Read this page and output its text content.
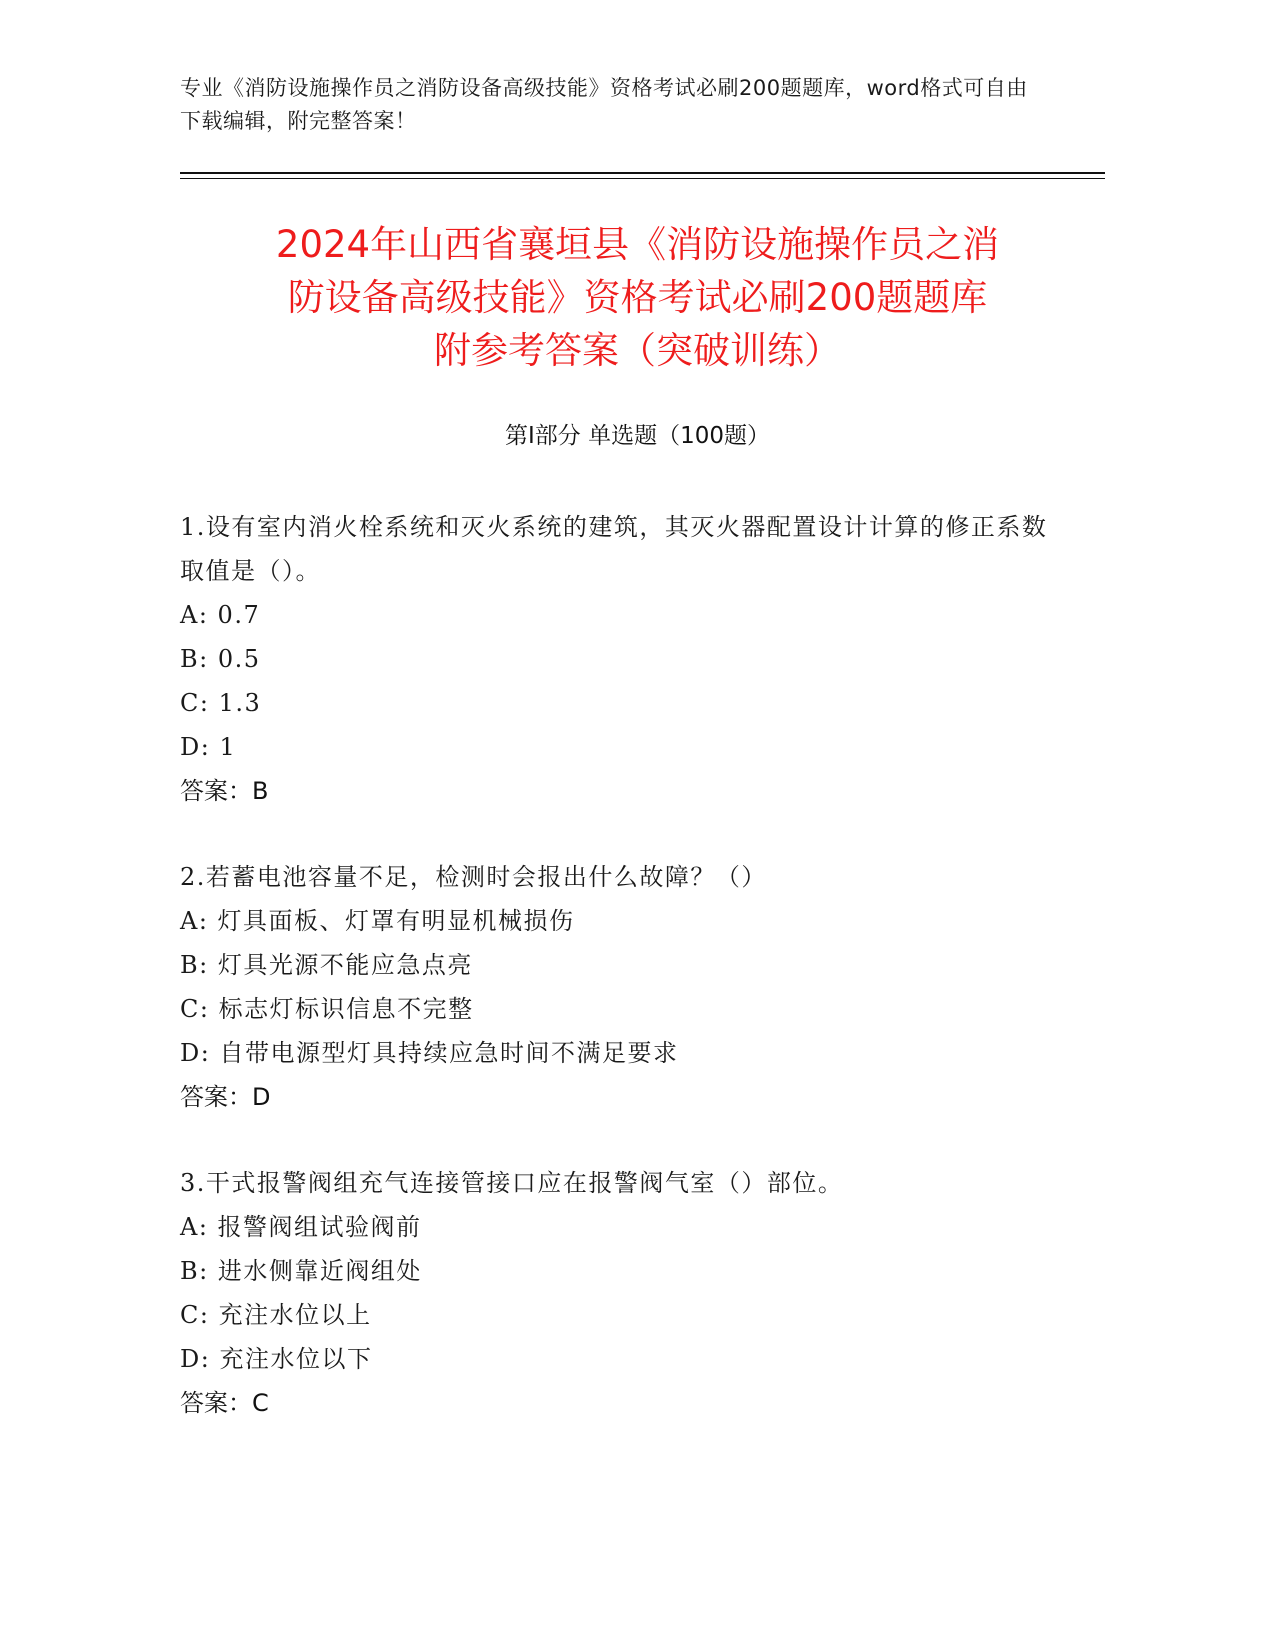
专业《消防设施操作员之消防设备高级技能》资格考试必刷200题题库，word格式可自由下载编辑，附完整答案！
2024年山西省襄垣县《消防设施操作员之消
防设备高级技能》资格考试必刷200题题库
附参考答案（突破训练）
第I部分 单选题（100题）

1.设有室内消火栓系统和灭火系统的建筑，其灭火器配置设计计算的修正系数取值是（）。

A: 0.7

B: 0.5

C: 1.3

D: 1

答案：B

2.若蓄电池容量不足，检测时会报出什么故障？（）

A: 灯具面板、灯罩有明显机械损伤

B: 灯具光源不能应急点亮

C: 标志灯标识信息不完整

D: 自带电源型灯具持续应急时间不满足要求

答案：D

3.干式报警阀组充气连接管接口应在报警阀气室（）部位。

A: 报警阀组试验阀前

B: 进水侧靠近阀组处

C: 充注水位以上

D: 充注水位以下

答案：C
